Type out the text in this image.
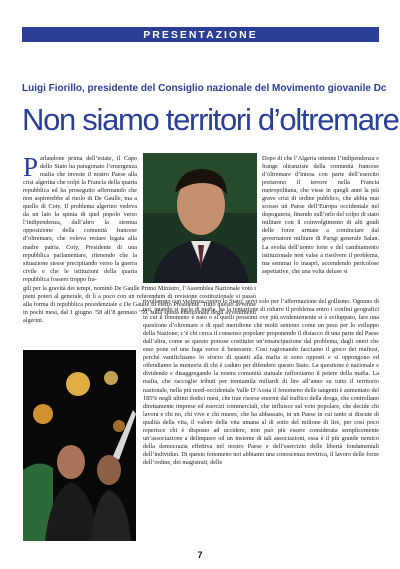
PRESENTAZIONE
Luigi Fiorillo, presidente del Consiglio nazionale del Movimento giovanile Dc
Non siamo territori d’oltremare
P arlandone prima dell’estate, il Capo dello Stato ha paragonato l’emergenza mafia che investe il nostro Paese alla crisi algerina che colpì la Francia della quarta repubblica ed ha proseguito affermando che non aspirerebbe al ruolo di De Gaulle, ma a quello di Coty. Il problema algerino vedeva da un lato la spinta di quel popolo verso l’indipendenza, dall’altro la strenua opposizione della comunità francese d’oltremare, che voleva restare legata alla madre patria. Coty, Presidente di una repubblica parlamentare, ritenendo che la situazione stesse precipitando verso la guerra civile e che le istituzioni della quarta repubblica fossero troppo fra-

gili per la gravità dei tempi, nominò De Gaulle Primo Ministro, l’Assemblea Nazionale votò i pieni poteri al generale, di lì a poco con un referendum di revisione costituzionale si passò alla forma di repubblica presidenziale e De Gaulle fu eletto Presidente. Tutto questo avvenne in pochi mesi, dal 1 giugno ’58 all’8 gennaio ’59, sulla spinta emozionale degli avvenimenti algerini.

Dopo di che l’Algeria ottenne l’indipendenza e frange oltranziste della comunità francese d’oltremare d’intesa con parte dell’esercito portarono il terrore nella Francia metropolitana, che visse in quegli anni la più grave crisi di ordine pubblico, che abbia mai scosso un Paese dell’Europa occidentale nel dopoguerra, finendo sull’orlo del colpo di stato militare con il coinvolgimento di alti gradi delle forze armate a cominciare dal governatore militare di Parigi generale Salan. La svolta dell’uomo forte e del cambiamento istituzionale non valse a risolvere il problema, ma semmai lo inasprì, accendendo pericolose aspettative, che una volta deluse si

rivoltarono con violenza contro lo Stato; servi solo per l’affermazione del gollismo. Ognuno di noi, quando si parla di mafia, ha la tentazione di ridurre il problema entro i confini geografici in cui il fenomeno è nato o si quelli prossimi ove più evidentemente si è sviluppato, fare una questione d’oltremare o di quel meridione che molti sentono come un peso per lo sviluppo della Nazione; c’è chi cerca il consenso popolare proponendo il distacco di una parte del Paese dall’altra, come se questo potesse costituire un’emancipazione dal problema, dagli oneri che esso pone ed una fuga verso il benessere. Cosi ragionando facciamo il gioco dei mafiosi, perché vanifichiamo lo sforzo di quanti alla mafia si sono opposti e si oppongono ed offendiamo la memoria di chi è caduto per difendere questo Stato. La questione è nazionale e dividendo e disaggregando la nostra comunità statuale rafforziamo il potere della mafia. La mafia, che raccoglie tributi per trentamila miliardi di lire all’anno su tutto il territorio nazionale, nella più nord-occidentale Valle D’Aosta il fenomeno delle tangenti è aumentato del 185% negli ultimi dodici mesi, che trae risorse enormi dal traffico della droga, che controllano direttamente imprese ed esercizi commerciali, che influisce sul voto popolare, che decide chi lavora e chi no, chi vive e chi muore, che ha abbassato, in un Paese in cui tanto si discute di qualità della vita, il valore della vita umana al di sotto del milione di lire, per così poco reperisce chi è disposto ad uccidere, non può più essere considerata semplicemente un’associazione a delinquere od un insieme di tali associazioni, essa è il più grande nemico della democrazia effettiva nel nostro Paese e dell’esercizio delle libertà fondamentali dell’individuo. Di questo fenomeno noi abbiamo una conoscenza novtrica, il lavoro delle forze dell’ordine, dei magistrati, delle

7
